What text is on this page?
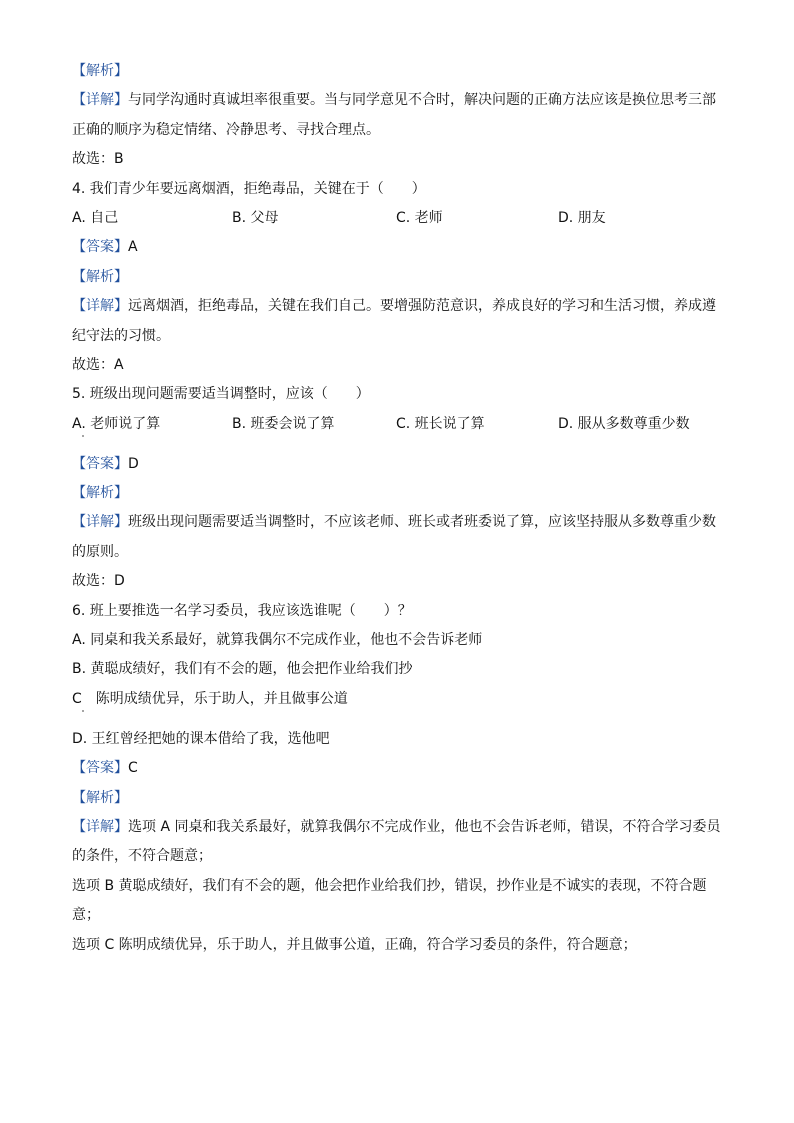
【解析】
【详解】与同学沟通时真诚坦率很重要。当与同学意见不合时，解决问题的正确方法应该是换位思考三部
正确的顺序为稳定情绪、冷静思考、寻找合理点。
故选：B
4. 我们青少年要远离烟酒，拒绝毒品，关键在于（　　）
A. 自己	B. 父母	C. 老师	D. 朋友
【答案】A
【解析】
【详解】远离烟酒，拒绝毒品，关键在我们自己。要增强防范意识，养成良好的学习和生活习惯，养成遵
纪守法的习惯。
故选：A
5. 班级出现问题需要适当调整时，应该（　　）
A. 老师说了算	B. 班委会说了算	C. 班长说了算	D. 服从多数尊重少数
【答案】D
【解析】
【详解】班级出现问题需要适当调整时，不应该老师、班长或者班委说了算，应该坚持服从多数尊重少数
的原则。
故选：D
6. 班上要推选一名学习委员，我应该选谁呢（　　）？
A. 同桌和我关系最好，就算我偶尔不完成作业，他也不会告诉老师
B. 黄聪成绩好，我们有不会的题，他会把作业给我们抄
C　陈明成绩优异，乐于助人，并且做事公道
D. 王红曾经把她的课本借给了我，选他吧
【答案】C
【解析】
【详解】选项 A 同桌和我关系最好，就算我偶尔不完成作业，他也不会告诉老师，错误，不符合学习委员
的条件，不符合题意；
选项 B 黄聪成绩好，我们有不会的题，他会把作业给我们抄，错误，抄作业是不诚实的表现，不符合题
意；
选项 C 陈明成绩优异，乐于助人，并且做事公道，正确，符合学习委员的条件，符合题意；
